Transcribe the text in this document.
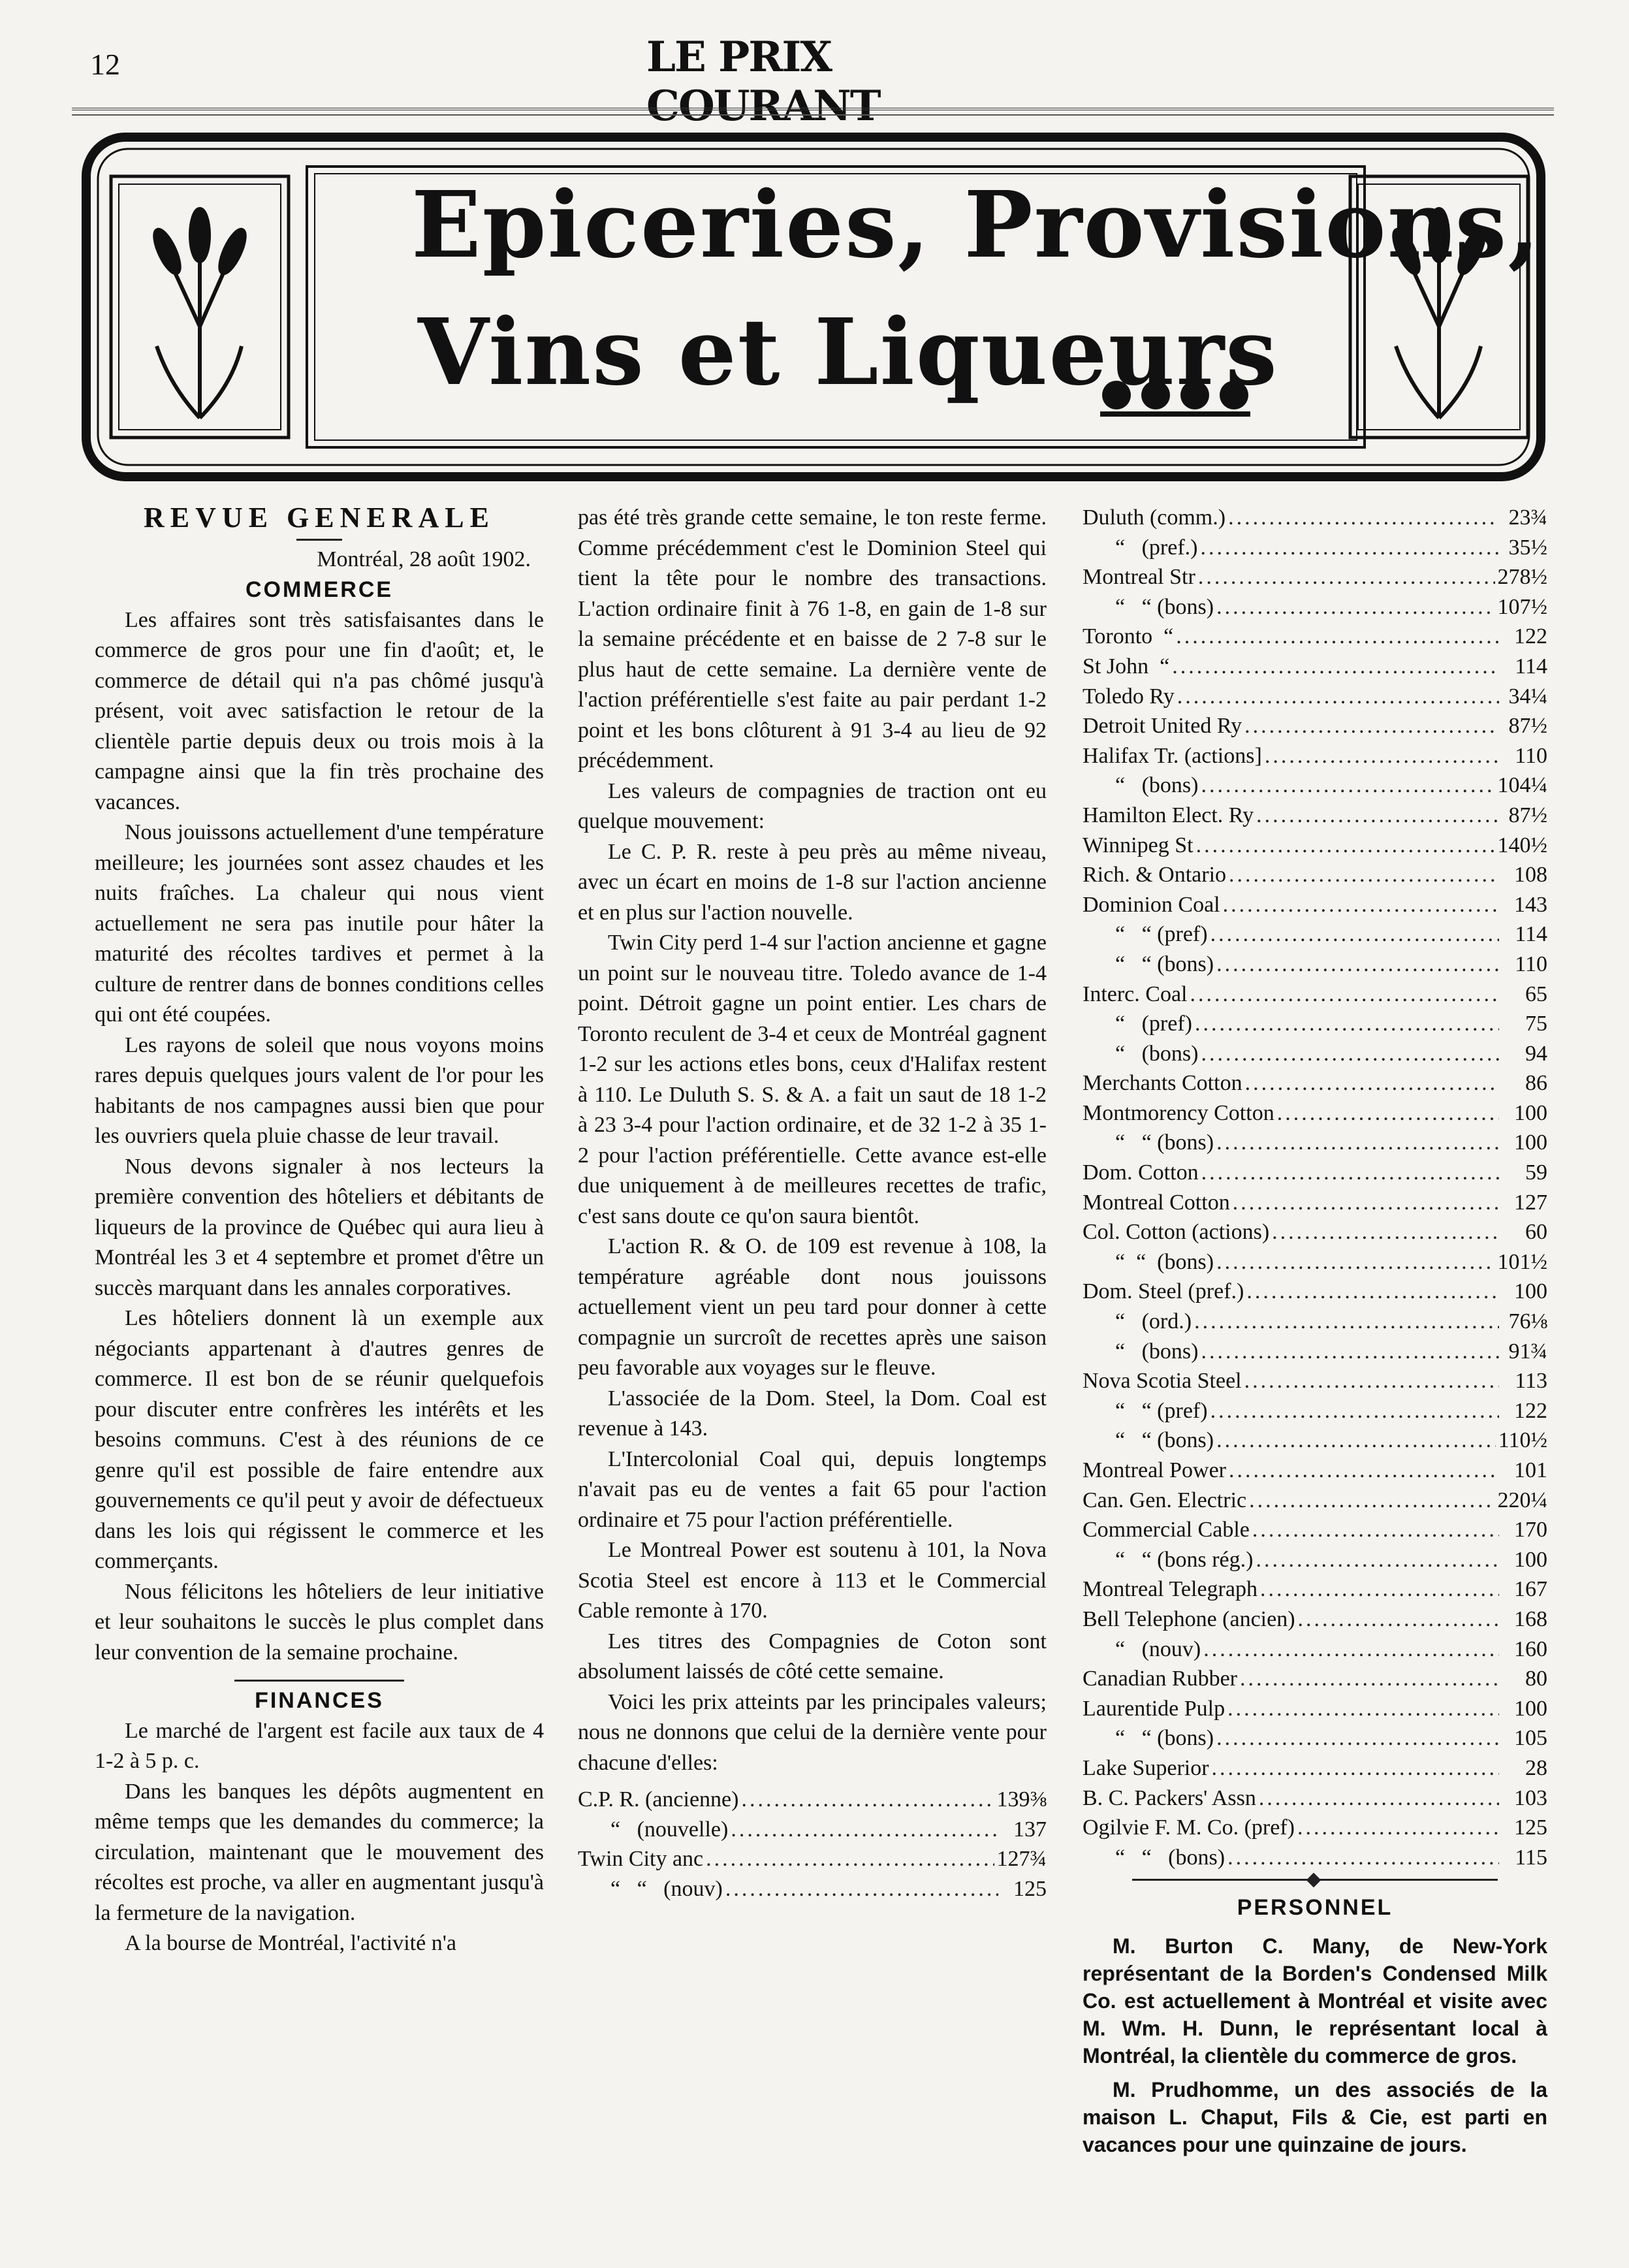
12	LE PRIX COURANT
Epiceries, Provisions,
Vins et Liqueurs
REVUE GENERALE

Montréal, 28 août 1902.

COMMERCE

Les affaires sont très satisfaisantes dans le commerce de gros pour une fin d'août; et, le commerce de détail qui n'a pas chômé jusqu'à présent, voit avec satisfaction le retour de la clientèle partie depuis deux ou trois mois à la campagne ainsi que la fin très prochaine des vacances.

Nous jouissons actuellement d'une température meilleure; les journées sont assez chaudes et les nuits fraîches. La chaleur qui nous vient actuellement ne sera pas inutile pour hâter la maturité des récoltes tardives et permet à la culture de rentrer dans de bonnes conditions celles qui ont été coupées.

Les rayons de soleil que nous voyons moins rares depuis quelques jours valent de l'or pour les habitants de nos campagnes aussi bien que pour les ouvriers quela pluie chasse de leur travail.

Nous devons signaler à nos lecteurs la première convention des hôteliers et débitants de liqueurs de la province de Québec qui aura lieu à Montréal les 3 et 4 septembre et promet d'être un succès marquant dans les annales corporatives.

Les hôteliers donnent là un exemple aux négociants appartenant à d'autres genres de commerce. Il est bon de se réunir quelquefois pour discuter entre confrères les intérêts et les besoins communs. C'est à des réunions de ce genre qu'il est possible de faire entendre aux gouvernements ce qu'il peut y avoir de défectueux dans les lois qui régissent le commerce et les commerçants.

Nous félicitons les hôteliers de leur initiative et leur souhaitons le succès le plus complet dans leur convention de la semaine prochaine.

FINANCES

Le marché de l'argent est facile aux taux de 4 1-2 à 5 p. c.

Dans les banques les dépôts augmentent en même temps que les demandes du commerce; la circulation, maintenant que le mouvement des récoltes est proche, va aller en augmentant jusqu'à la fermeture de la navigation.

A la bourse de Montréal, l'activité n'a

pas été très grande cette semaine, le ton reste ferme. Comme précédemment c'est le Dominion Steel qui tient la tête pour le nombre des transactions. L'action ordinaire finit à 76 1-8, en gain de 1-8 sur la semaine précédente et en baisse de 2 7-8 sur le plus haut de cette semaine. La dernière vente de l'action préférentielle s'est faite au pair perdant 1-2 point et les bons clôturent à 91 3-4 au lieu de 92 précédemment.

Les valeurs de compagnies de traction ont eu quelque mouvement:

Le C. P. R. reste à peu près au même niveau, avec un écart en moins de 1-8 sur l'action ancienne et en plus sur l'action nouvelle.

Twin City perd 1-4 sur l'action ancienne et gagne un point sur le nouveau titre. Toledo avance de 1-4 point. Détroit gagne un point entier. Les chars de Toronto reculent de 3-4 et ceux de Montréal gagnent 1-2 sur les actions etles bons, ceux d'Halifax restent à 110. Le Duluth S. S. & A. a fait un saut de 18 1-2 à 23 3-4 pour l'action ordinaire, et de 32 1-2 à 35 1-2 pour l'action préférentielle. Cette avance est-elle due uniquement à de meilleures recettes de trafic, c'est sans doute ce qu'on saura bientôt.

L'action R. & O. de 109 est revenue à 108, la température agréable dont nous jouissons actuellement vient un peu tard pour donner à cette compagnie un surcroît de recettes après une saison peu favorable aux voyages sur le fleuve.

L'associée de la Dom. Steel, la Dom. Coal est revenue à 143.

L'Intercolonial Coal qui, depuis longtemps n'avait pas eu de ventes a fait 65 pour l'action ordinaire et 75 pour l'action préférentielle.

Le Montreal Power est soutenu à 101, la Nova Scotia Steel est encore à 113 et le Commercial Cable remonte à 170.

Les titres des Compagnies de Coton sont absolument laissés de côté cette semaine.

Voici les prix atteints par les principales valeurs; nous ne donnons que celui de la dernière vente pour chacune d'elles:

C.P. R. (ancienne) .....	139⅜
“   (nouvelle) .....	137
Twin City anc .....	127¾
“   “   (nouv) .....	125
Duluth (comm.) .....	23¾
“   (pref.) .....	35½
Montreal Str .....	278½
“   “ (bons) .....	107½
Toronto  “ .....	122
St John  “ .....	114
Toledo Ry .....	34¼
Detroit United Ry .....	87½
Halifax Tr. (actions] .....	110
“   (bons) .....	104¼
Hamilton Elect. Ry .....	87½
Winnipeg St .....	140½
Rich. & Ontario .....	108
Dominion Coal .....	143
“   “ (pref) .....	114
“   “ (bons) .....	110
Interc. Coal .....	65
“   (pref) .....	75
“   (bons) .....	94
Merchants Cotton .....	86
Montmorency Cotton .....	100
“   “ (bons) .....	100
Dom. Cotton .....	59
Montreal Cotton .....	127
Col. Cotton (actions) .....	60
“  “  (bons) .....	101½
Dom. Steel (pref.) .....	100
“   (ord.) .....	76⅛
“   (bons) .....	91¾
Nova Scotia Steel .....	113
“   “ (pref) .....	122
“   “ (bons) .....	110½
Montreal Power .....	101
Can. Gen. Electric .....	220¼
Commercial Cable .....	170
“   “ (bons rég.) .....	100
Montreal Telegraph .....	167
Bell Telephone (ancien) .....	168
“   (nouv) .....	160
Canadian Rubber .....	80
Laurentide Pulp .....	100
“   “ (bons) .....	105
Lake Superior .....	28
B. C. Packers' Assn .....	103
Ogilvie F. M. Co. (pref) .....	125
“   “   (bons) .....	115

PERSONNEL

M. Burton C. Many, de New-York représentant de la Borden's Condensed Milk Co. est actuellement à Montréal et visite avec M. Wm. H. Dunn, le représentant local à Montréal, la clientèle du commerce de gros.

M. Prudhomme, un des associés de la maison L. Chaput, Fils & Cie, est parti en vacances pour une quinzaine de jours.
